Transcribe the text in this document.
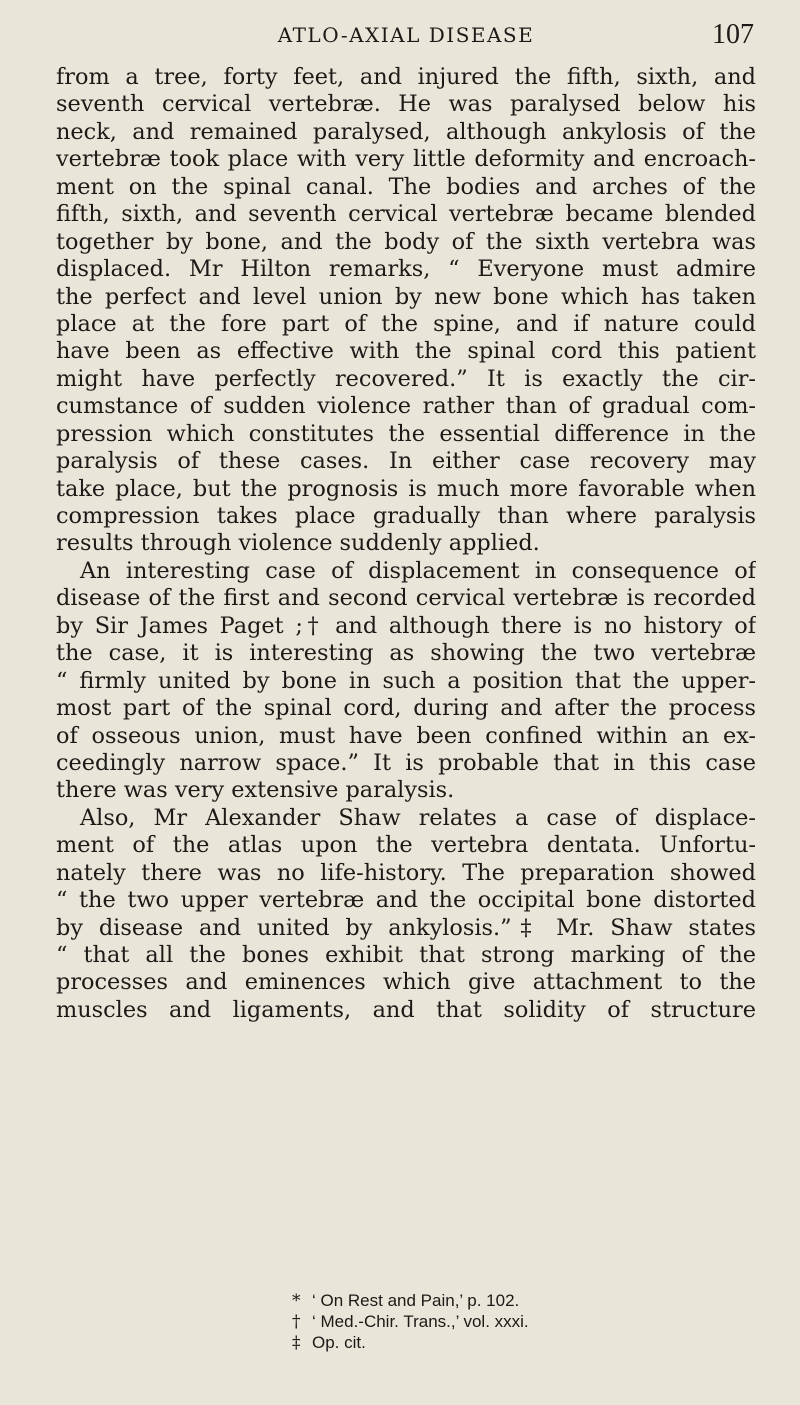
ATLO-AXIAL DISEASE	107
from a tree, forty feet, and injured the fifth, sixth, and
seventh cervical vertebræ. He was paralysed below his
neck, and remained paralysed, although ankylosis of the
vertebræ took place with very little deformity and encroach-
ment on the spinal canal. The bodies and arches of the
fifth, sixth, and seventh cervical vertebræ became blended
together by bone, and the body of the sixth vertebra was
displaced. Mr Hilton remarks, “ Everyone must admire
the perfect and level union by new bone which has taken
place at the fore part of the spine, and if nature could
have been as effective with the spinal cord this patient
might have perfectly recovered.” It is exactly the cir-
cumstance of sudden violence rather than of gradual com-
pression which constitutes the essential difference in the
paralysis of these cases. In either case recovery may
take place, but the prognosis is much more favorable when
compression takes place gradually than where paralysis
results through violence suddenly applied.
An interesting case of displacement in consequence of
disease of the first and second cervical vertebræ is recorded
by Sir James Paget ;† and although there is no history of
the case, it is interesting as showing the two vertebræ
“ firmly united by bone in such a position that the upper-
most part of the spinal cord, during and after the process
of osseous union, must have been confined within an ex-
ceedingly narrow space.” It is probable that in this case
there was very extensive paralysis.
Also, Mr Alexander Shaw relates a case of displace-
ment of the atlas upon the vertebra dentata. Unfortu-
nately there was no life-history. The preparation showed
“ the two upper vertebræ and the occipital bone distorted
by disease and united by ankylosis.”‡ Mr. Shaw states
“ that all the bones exhibit that strong marking of the
processes and eminences which give attachment to the
muscles and ligaments, and that solidity of structure
* ‘ On Rest and Pain,’ p. 102.
† ‘ Med.-Chir. Trans.,’ vol. xxxi.
‡ Op. cit.
